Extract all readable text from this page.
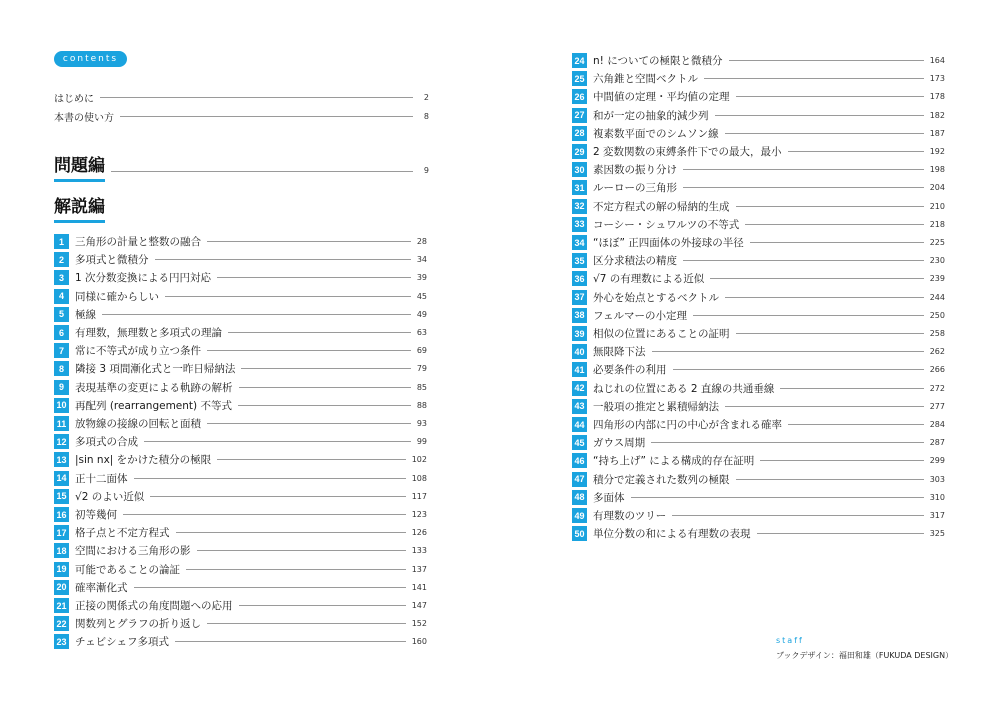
contents
はじめに	2
本書の使い方	8
問題編	9
解説編
1	三角形の計量と整数の融合	28
2	多項式と微積分	34
3	1 次分数変換による円円対応	39
4	同様に確からしい	45
5	極線	49
6	有理数，無理数と多項式の理論	63
7	常に不等式が成り立つ条件	69
8	隣接 3 項間漸化式と一昨日帰納法	79
9	表現基準の変更による軌跡の解析	85
10 再配列 (rearrangement) 不等式	88
11 放物線の接線の回転と面積	93
12 多項式の合成	99
13 |sin nx| をかけた積分の極限	102
14 正十二面体	108
15 √2 のよい近似	117
16 初等幾何	123
17 格子点と不定方程式	126
18 空間における三角形の影	133
19 可能であることの論証	137
20 確率漸化式	141
21 正接の関係式の角度問題への応用	147
22 関数列とグラフの折り返し	152
23 チェビシェフ多項式	160
24 n! についての極限と微積分	164
25 六角錐と空間ベクトル	173
26 中間値の定理・平均値の定理	178
27 和が一定の抽象的減少列	182
28 複素数平面でのシムソン線	187
29 2 変数関数の束縛条件下での最大，最小	192
30 素因数の振り分け	198
31 ルーローの三角形	204
32 不定方程式の解の帰納的生成	210
33 コーシー・シュワルツの不等式	218
34 “ほぼ” 正四面体の外接球の半径	225
35 区分求積法の精度	230
36 √7 の有理数による近似	239
37 外心を始点とするベクトル	244
38 フェルマーの小定理	250
39 相似の位置にあることの証明	258
40 無限降下法	262
41 必要条件の利用	266
42 ねじれの位置にある 2 直線の共通垂線	272
43 一般項の推定と累積帰納法	277
44 四角形の内部に円の中心が含まれる確率	284
45 ガウス周期	287
46 “持ち上げ” による構成的存在証明	299
47 積分で定義された数列の極限	303
48 多面体	310
49 有理数のツリー	317
50 単位分数の和による有理数の表現	325
staff
ブックデザイン：福田和雄（FUKUDA DESIGN）
